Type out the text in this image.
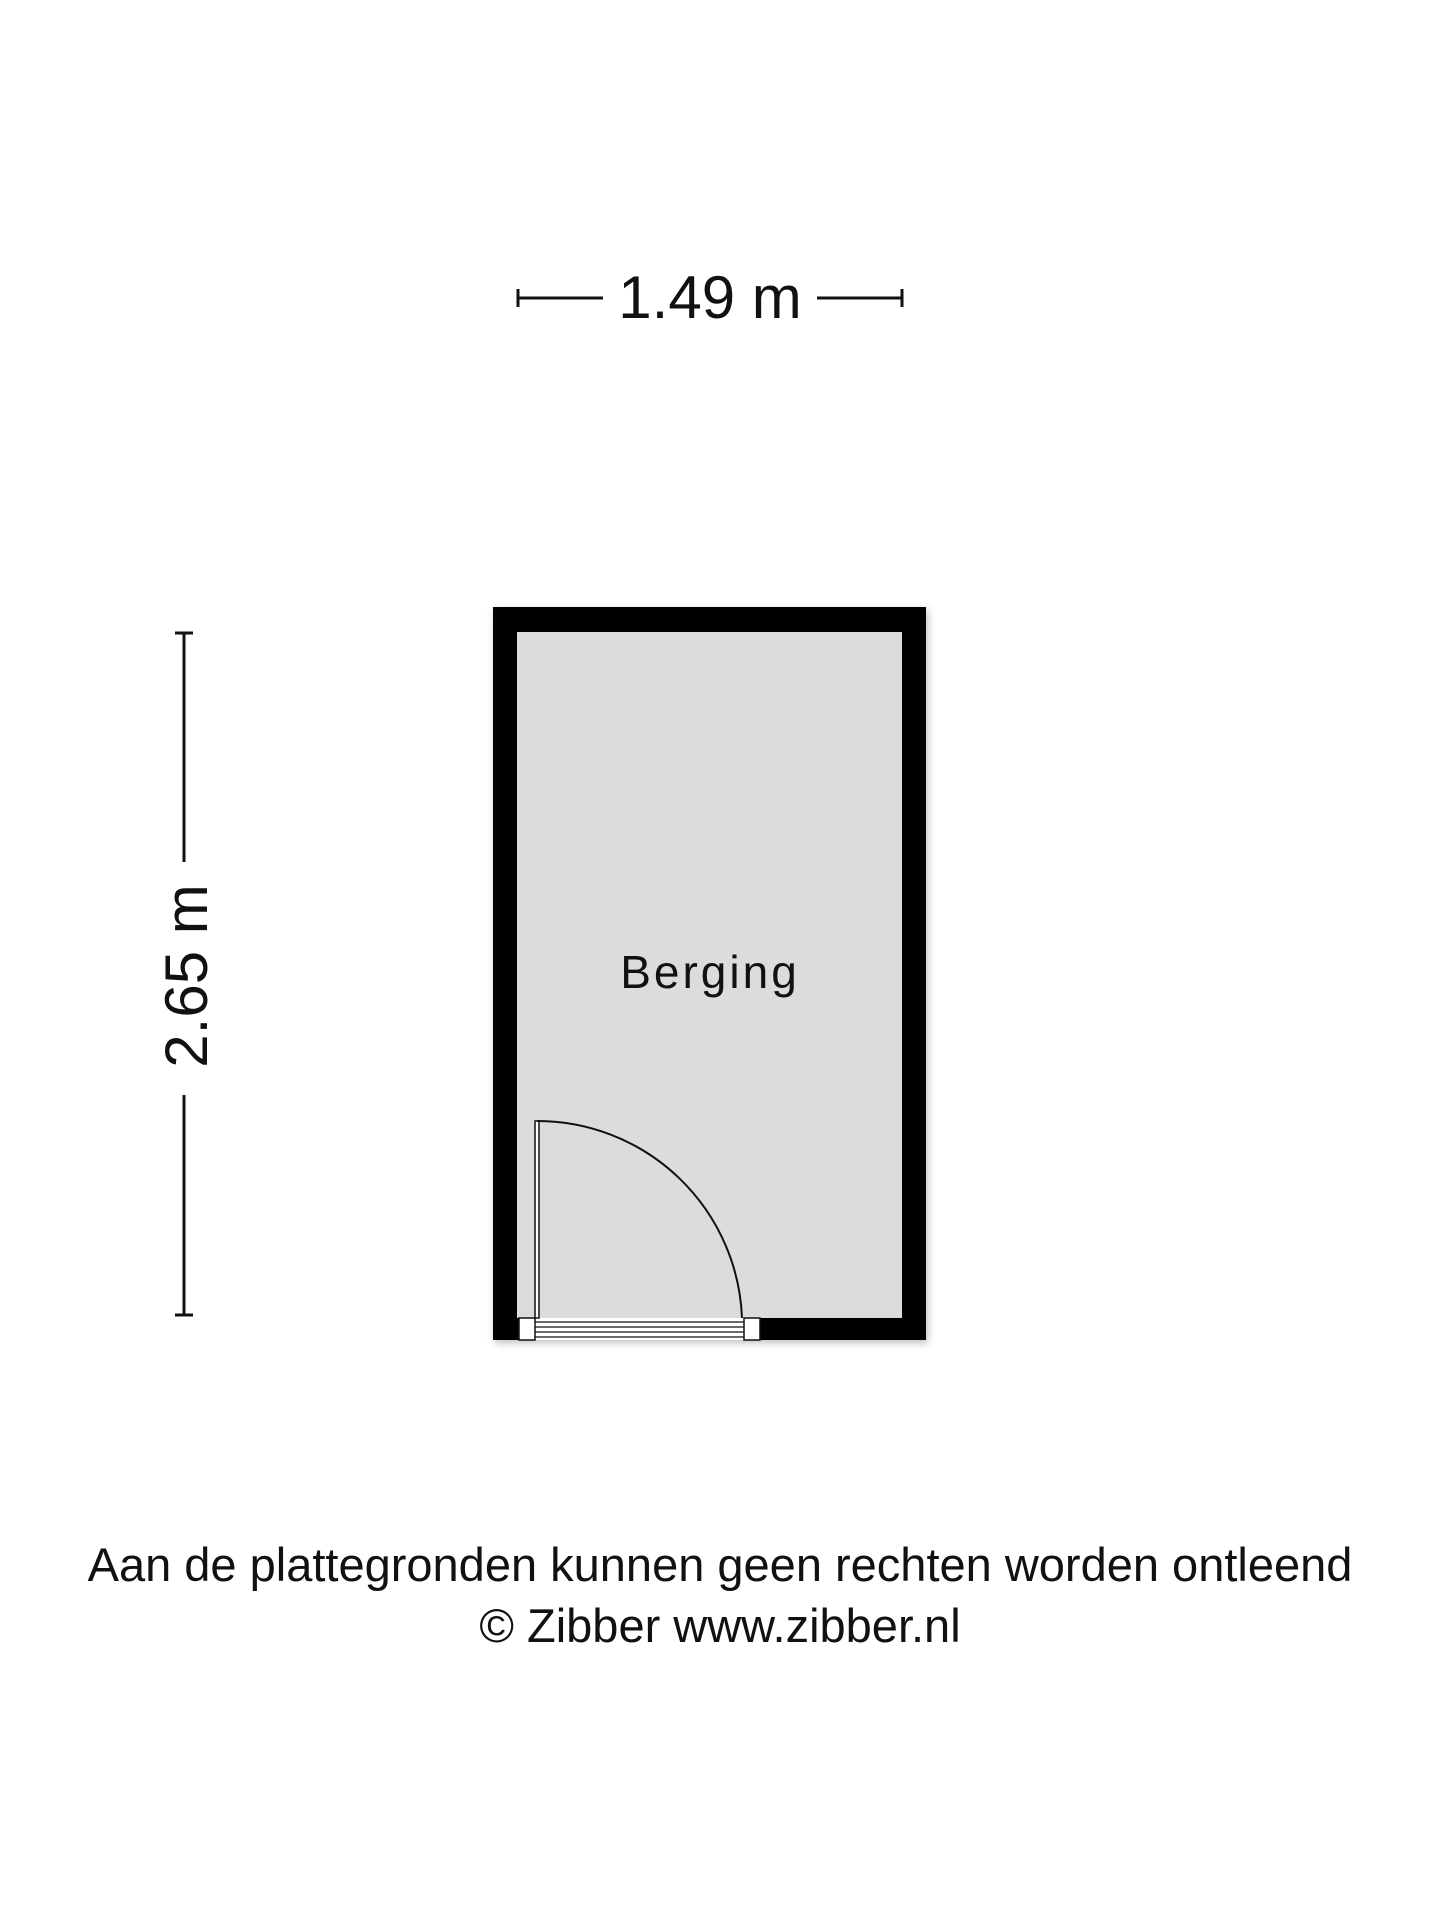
1.49 m
2.65 m	Berging
Aan de plattegronden kunnen geen rechten worden ontleend
© Zibber www.zibber.nl
